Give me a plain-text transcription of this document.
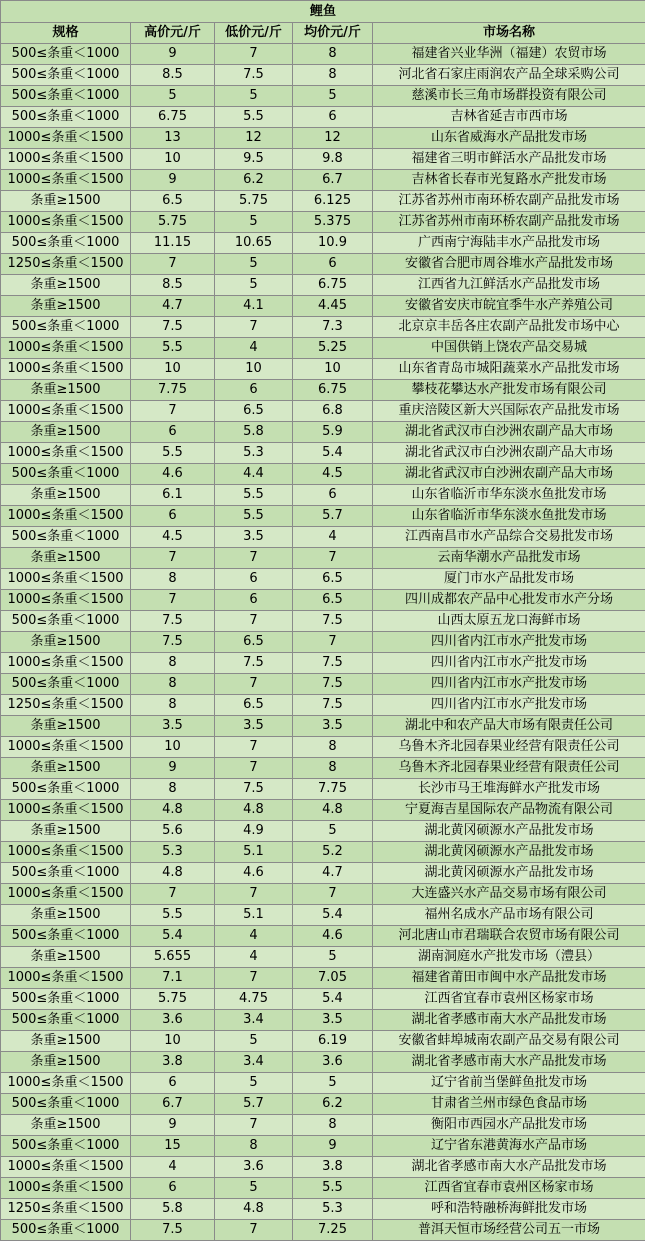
鲤鱼				
规格	高价元/斤	低价元/斤	均价元/斤	市场名称
500≤条重＜1000	9	7	8	福建省兴业华洲（福建）农贸市场
500≤条重＜1000	8.5	7.5	8	河北省石家庄雨润农产品全球采购公司
500≤条重＜1000	5	5	5	慈溪市长三角市场群投资有限公司
500≤条重＜1000	6.75	5.5	6	吉林省延吉市西市场
1000≤条重＜1500	13	12	12	山东省威海水产品批发市场
1000≤条重＜1500	10	9.5	9.8	福建省三明市鲜活水产品批发市场
1000≤条重＜1500	9	6.2	6.7	吉林省长春市光复路水产批发市场
条重≥1500	6.5	5.75	6.125	江苏省苏州市南环桥农副产品批发市场
1000≤条重＜1500	5.75	5	5.375	江苏省苏州市南环桥农副产品批发市场
500≤条重＜1000	11.15	10.65	10.9	广西南宁海陆丰水产品批发市场
1250≤条重＜1500	7	5	6	安徽省合肥市周谷堆水产品批发市场
条重≥1500	8.5	5	6.75	江西省九江鲜活水产品批发市场
条重≥1500	4.7	4.1	4.45	安徽省安庆市皖宜季牛水产养殖公司
500≤条重＜1000	7.5	7	7.3	北京京丰岳各庄农副产品批发市场中心
1000≤条重＜1500	5.5	4	5.25	中国供销上饶农产品交易城
1000≤条重＜1500	10	10	10	山东省青岛市城阳蔬菜水产品批发市场
条重≥1500	7.75	6	6.75	攀枝花攀达水产批发市场有限公司
1000≤条重＜1500	7	6.5	6.8	重庆涪陵区新大兴国际农产品批发市场
条重≥1500	6	5.8	5.9	湖北省武汉市白沙洲农副产品大市场
1000≤条重＜1500	5.5	5.3	5.4	湖北省武汉市白沙洲农副产品大市场
500≤条重＜1000	4.6	4.4	4.5	湖北省武汉市白沙洲农副产品大市场
条重≥1500	6.1	5.5	6	山东省临沂市华东淡水鱼批发市场
1000≤条重＜1500	6	5.5	5.7	山东省临沂市华东淡水鱼批发市场
500≤条重＜1000	4.5	3.5	4	江西南昌市水产品综合交易批发市场
条重≥1500	7	7	7	云南华潮水产品批发市场
1000≤条重＜1500	8	6	6.5	厦门市水产品批发市场
1000≤条重＜1500	7	6	6.5	四川成都农产品中心批发市水产分场
500≤条重＜1000	7.5	7	7.5	山西太原五龙口海鲜市场
条重≥1500	7.5	6.5	7	四川省内江市水产批发市场
1000≤条重＜1500	8	7.5	7.5	四川省内江市水产批发市场
500≤条重＜1000	8	7	7.5	四川省内江市水产批发市场
1250≤条重＜1500	8	6.5	7.5	四川省内江市水产批发市场
条重≥1500	3.5	3.5	3.5	湖北中和农产品大市场有限责任公司
1000≤条重＜1500	10	7	8	乌鲁木齐北园春果业经营有限责任公司
条重≥1500	9	7	8	乌鲁木齐北园春果业经营有限责任公司
500≤条重＜1000	8	7.5	7.75	长沙市马王堆海鲜水产批发市场
1000≤条重＜1500	4.8	4.8	4.8	宁夏海吉星国际农产品物流有限公司
条重≥1500	5.6	4.9	5	湖北黄冈硕源水产品批发市场
1000≤条重＜1500	5.3	5.1	5.2	湖北黄冈硕源水产品批发市场
500≤条重＜1000	4.8	4.6	4.7	湖北黄冈硕源水产品批发市场
1000≤条重＜1500	7	7	7	大连盛兴水产品交易市场有限公司
条重≥1500	5.5	5.1	5.4	福州名成水产品市场有限公司
500≤条重＜1000	5.4	4	4.6	河北唐山市君瑞联合农贸市场有限公司
条重≥1500	5.655	4	5	湖南洞庭水产批发市场（澧县）
1000≤条重＜1500	7.1	7	7.05	福建省莆田市闽中水产品批发市场
500≤条重＜1000	5.75	4.75	5.4	江西省宜春市袁州区杨家市场
500≤条重＜1000	3.6	3.4	3.5	湖北省孝感市南大水产品批发市场
条重≥1500	10	5	6.19	安徽省蚌埠城南农副产品交易有限公司
条重≥1500	3.8	3.4	3.6	湖北省孝感市南大水产品批发市场
1000≤条重＜1500	6	5	5	辽宁省前当堡鲜鱼批发市场
500≤条重＜1000	6.7	5.7	6.2	甘肃省兰州市绿色食品市场
条重≥1500	9	7	8	衡阳市西园水产品批发市场
500≤条重＜1000	15	8	9	辽宁省东港黄海水产品市场
1000≤条重＜1500	4	3.6	3.8	湖北省孝感市南大水产品批发市场
1000≤条重＜1500	6	5	5.5	江西省宜春市袁州区杨家市场
1250≤条重＜1500	5.8	4.8	5.3	呼和浩特融桥海鲜批发市场
500≤条重＜1000	7.5	7	7.25	普洱天恒市场经营公司五一市场
